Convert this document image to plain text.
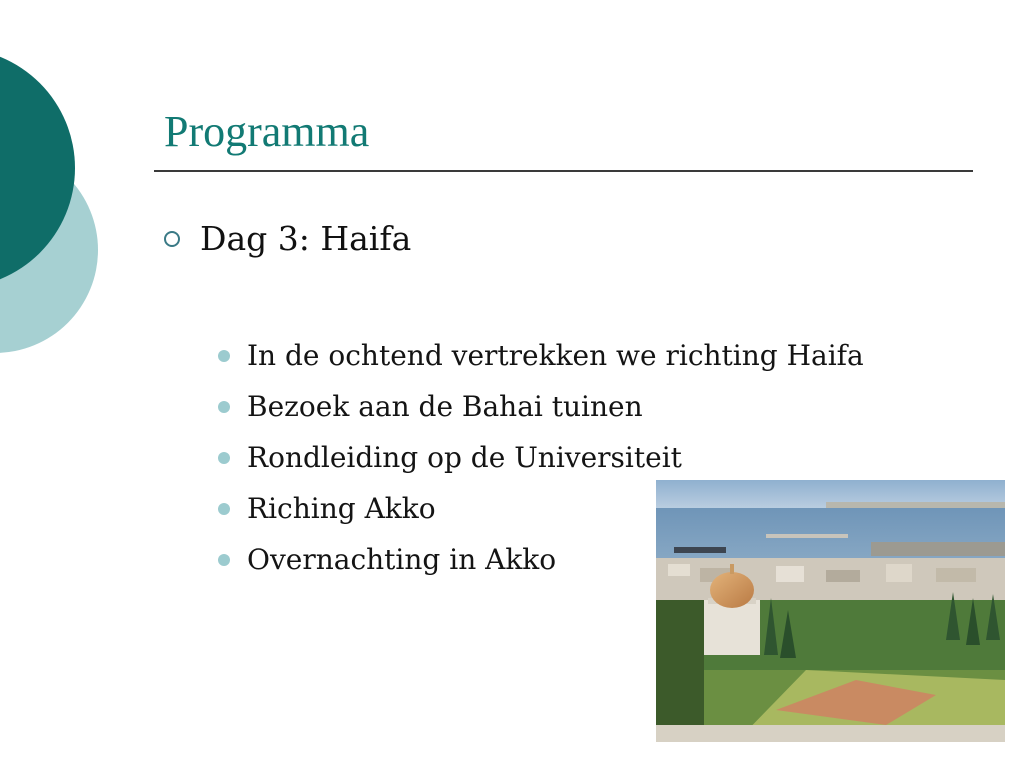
Programma
Dag 3: Haifa
In de ochtend vertrekken we richting Haifa
Bezoek aan de Bahai tuinen
Rondleiding op de Universiteit
Riching Akko
Overnachting in Akko
